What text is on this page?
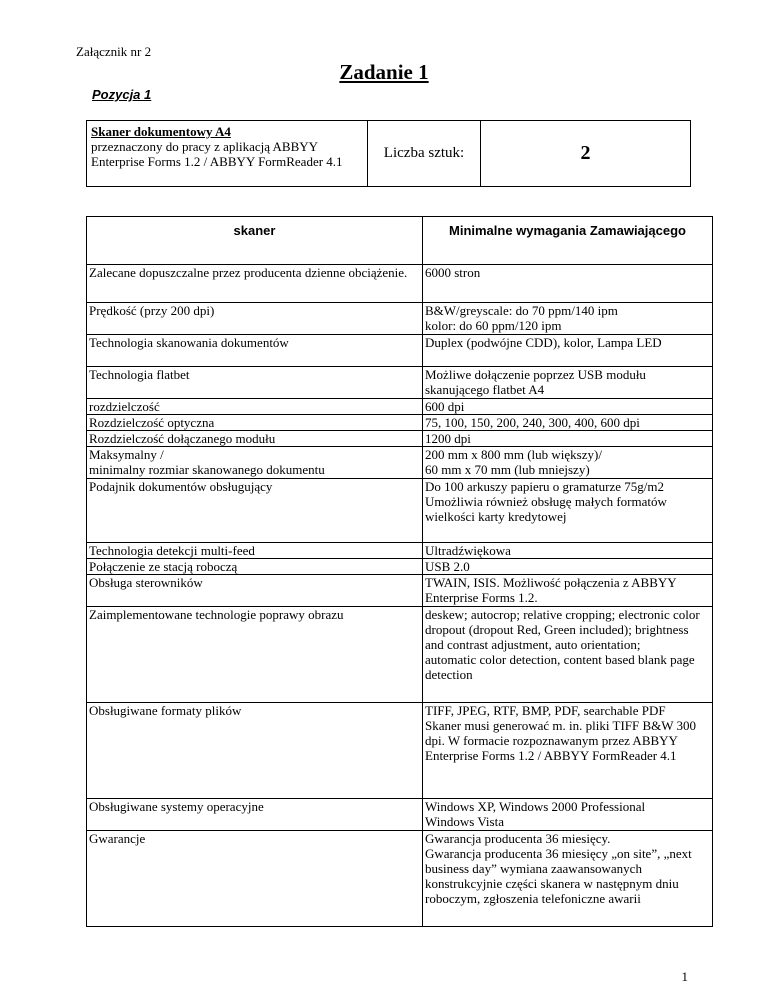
Załącznik nr 2
Zadanie 1
Pozycja 1
Skaner dokumentowy A4
przeznaczony do pracy z aplikacją ABBYY Enterprise Forms 1.2 / ABBYY FormReader 4.1
	Liczba sztuk:	2
skaner	Minimalne wymagania Zamawiającego
Zalecane dopuszczalne przez producenta dzienne obciążenie.	6000 stron
Prędkość (przy 200 dpi)	B&W/greyscale: do 70 ppm/140 ipm
kolor: do 60 ppm/120 ipm
Technologia skanowania dokumentów	Duplex (podwójne CDD), kolor, Lampa LED
Technologia flatbet	Możliwe dołączenie poprzez USB modułu skanującego flatbet A4
rozdzielczość	600 dpi
Rozdzielczość optyczna	75, 100, 150, 200, 240, 300, 400, 600 dpi
Rozdzielczość dołączanego modułu	1200 dpi
Maksymalny /
minimalny rozmiar skanowanego dokumentu	200 mm x 800 mm (lub większy)/
60 mm x 70 mm (lub mniejszy)
Podajnik dokumentów obsługujący	Do 100 arkuszy papieru o gramaturze 75g/m2
Umożliwia również obsługę małych formatów wielkości karty kredytowej
Technologia detekcji multi-feed	Ultradźwiękowa
Połączenie ze stacją roboczą	USB 2.0
Obsługa sterowników	TWAIN, ISIS. Możliwość połączenia z ABBYY Enterprise Forms 1.2.
Zaimplementowane technologie poprawy obrazu	deskew; autocrop; relative cropping; electronic color dropout (dropout Red, Green included); brightness and contrast adjustment, auto orientation;
automatic color detection, content based blank page detection
Obsługiwane formaty plików	TIFF, JPEG, RTF, BMP, PDF, searchable PDF
Skaner musi generować m. in. pliki TIFF B&W 300 dpi. W formacie rozpoznawanym przez ABBYY Enterprise Forms 1.2 / ABBYY FormReader 4.1
Obsługiwane systemy operacyjne	Windows XP, Windows 2000 Professional
Windows Vista
Gwarancje	Gwarancja producenta 36 miesięcy.
Gwarancja producenta 36 miesięcy „on site”, „next business day” wymiana zaawansowanych konstrukcyjnie części skanera w następnym dniu roboczym, zgłoszenia telefoniczne awarii
1
